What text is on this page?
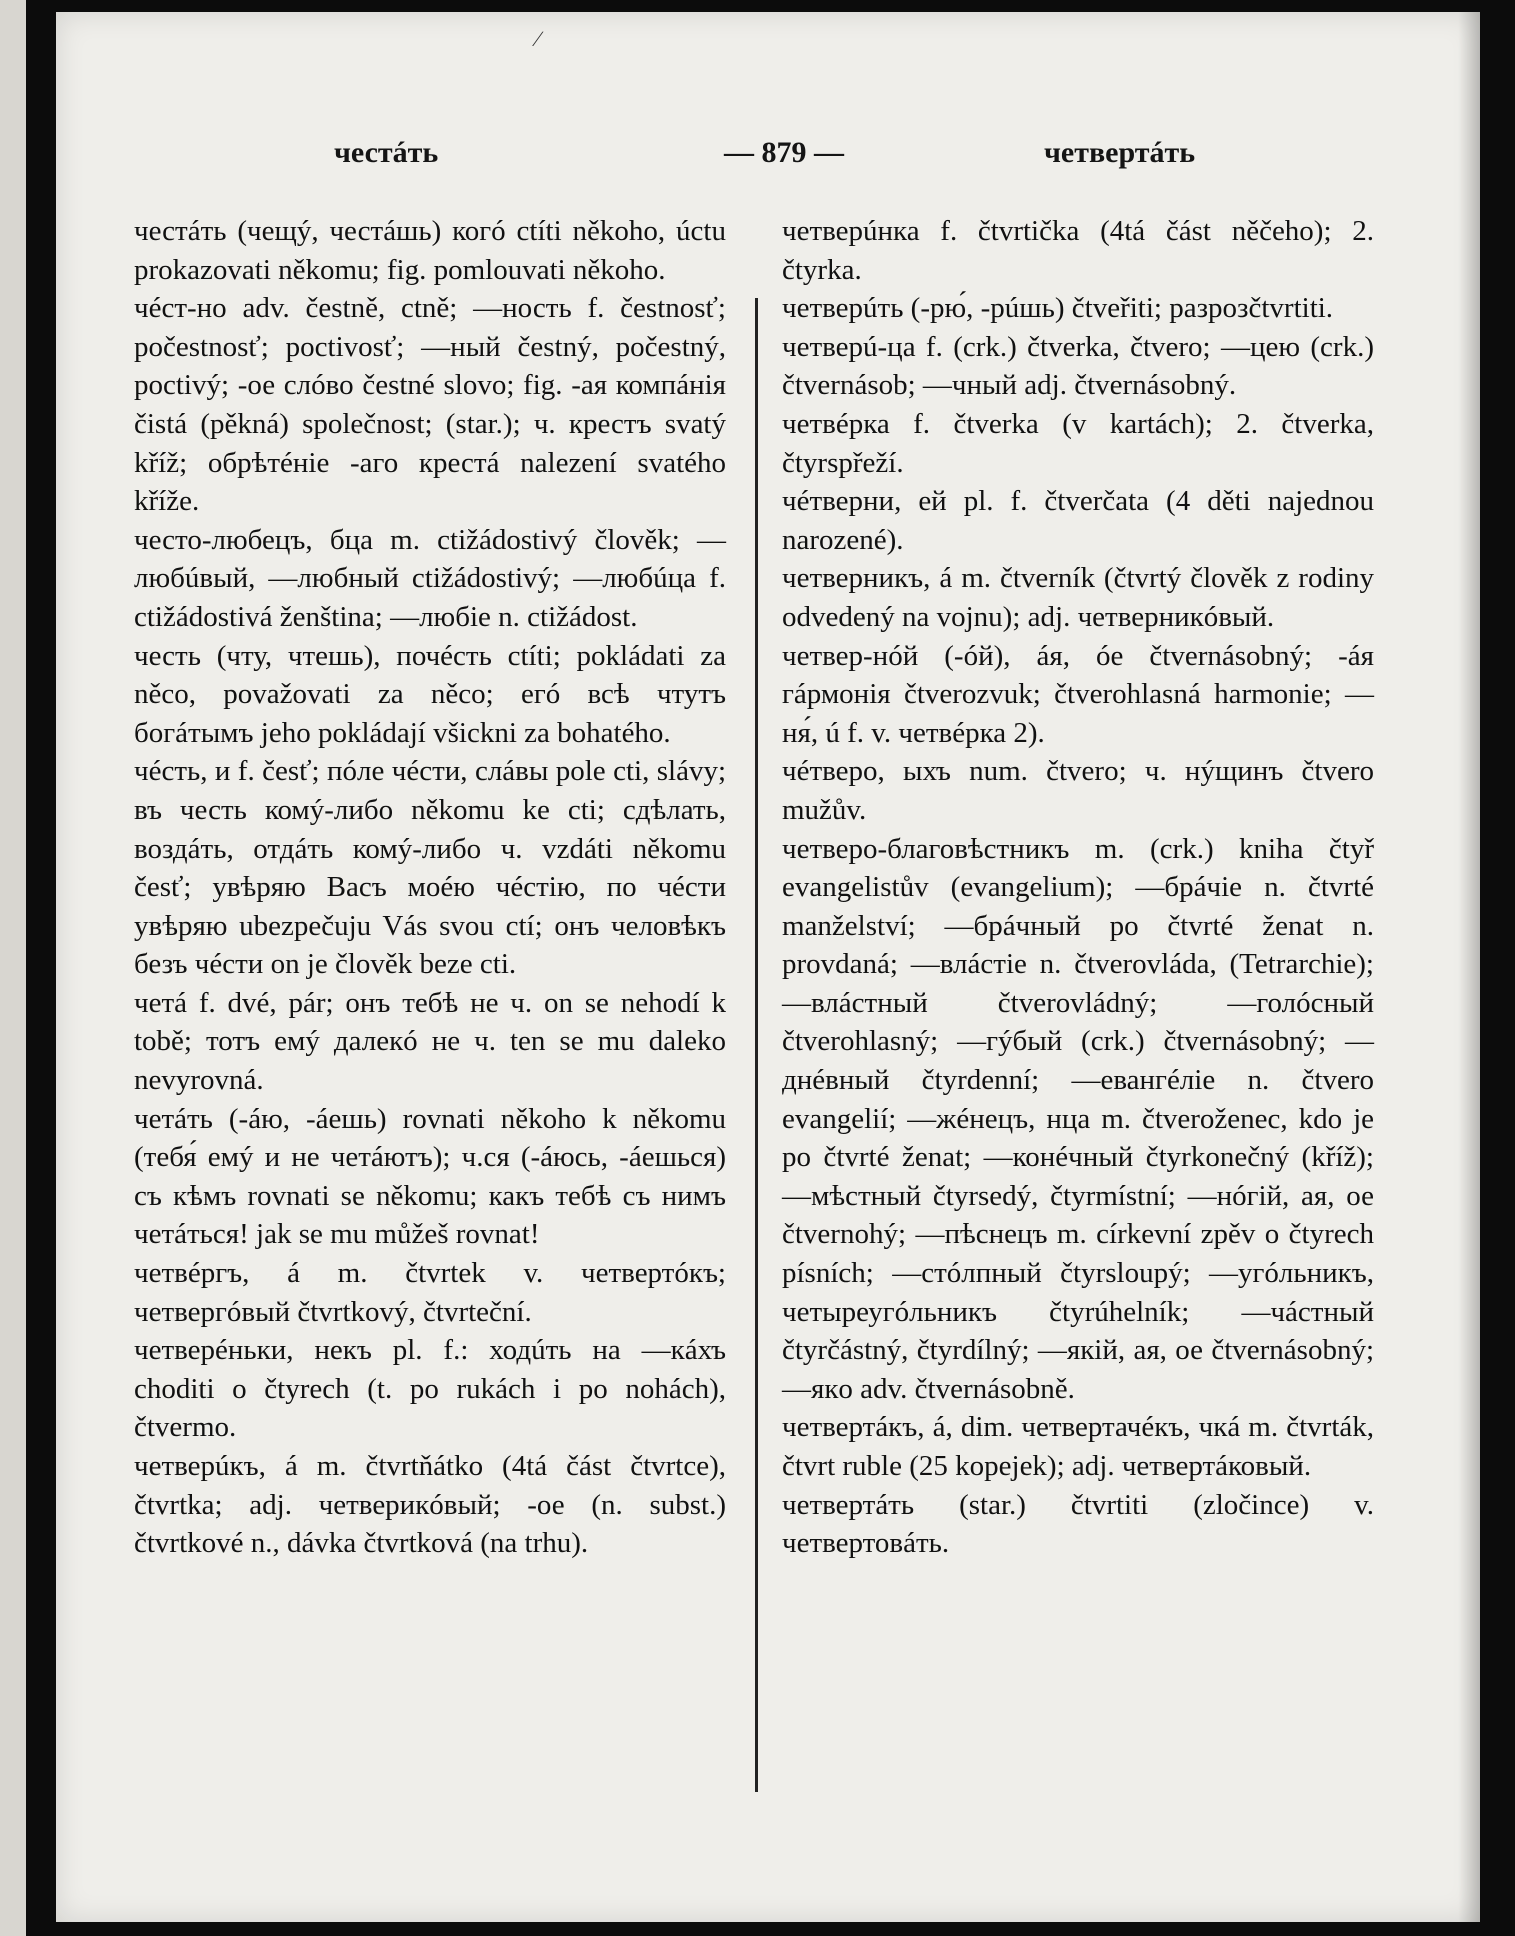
∕
честáть	— 879 —	четвертáть

честáть (чещý, честáшь) когó ctíti někoho, úctu prokazovati někomu; fig. pomlouvati někoho.

чéст-но adv. čestně, ctně; —ность f. čestnosť; počestnosť; poctivosť; —ный čestný, počestný, poctivý; -ое слóво čestné slovo; fig. -ая компáнія čistá (pěkná) společnost; (star.); ч. крестъ svatý kříž; обрѣтéніе -аго крестá nalezení svatého kříže.

често-любецъ, бца m. ctižádostivý člověk; —любúвый, —любный ctižádostivý; —любúца f. ctižádostivá ženština; —любіе n. ctižádost.

честь (чту, чтешь), почéсть ctíti; pokládati za něco, považovati za něco; егó всѣ чтутъ богáтымъ jeho pokládají všickni za bohatého.

чéсть, и f. česť; пóле чéсти, слáвы pole cti, slávy; въ честь комý-либо někomu ke cti; сдѣлать, воздáть, отдáть комý-либо ч. vzdáti někomu česť; увѣряю Васъ моéю чéстію, по чéсти увѣряю ubezpečuju Vás svou ctí; онъ человѣкъ безъ чéсти on je člověk beze cti.

четá f. dvé, pár; онъ тебѣ не ч. on se nehodí k tobě; тотъ емý далекó не ч. ten se mu daleko nevyrovná.

четáть (-áю, -áешь) rovnati někoho k někomu (тебя́ емý и не четáютъ); ч.ся (-áюсь, -áешься) съ кѣмъ rovnati se někomu; какъ тебѣ съ нимъ четáться! jak se mu můžeš rovnat!

четвéргъ, á m. čtvrtek v. четвертóкъ; четвергóвый čtvrtkový, čtvrteční.

четверéньки, некъ pl. f.: ходúть на —кáхъ choditi o čtyrech (t. po rukách i po nohách), čtvermo.

четверúкъ, á m. čtvrtňátko (4tá část čtvrtce), čtvrtka; adj. четверикóвый; -ое (n. subst.) čtvrtkové n., dávka čtvrtková (na trhu).

четверúнка f. čtvrtička (4tá část něčeho); 2. čtyrka.

четверúть (-рю́, -рúшь) čtveřiti; разрозčtvrtiti.

четверú-ца f. (crk.) čtverka, čtvero; —цею (crk.) čtvernásob; —чный adj. čtvernásobný.

четвéрка f. čtverka (v kartách); 2. čtverka, čtyrspřeží.

чéтверни, ей pl. f. čtverčata (4 děti najednou narozené).

четверникъ, á m. čtverník (čtvrtý člověk z rodiny odvedený na vojnu); adj. четверникóвый.

четвер-нóй (-óй), áя, óе čtvernásobný; -áя гáрмонія čtverozvuk; čtverohlasná harmonie; —ня́, ú f. v. четвéрка 2).

чéтверо, ыхъ num. čtvero; ч. нýщинъ čtvero mužův.

четверо-благовѣстникъ m. (crk.) kniha čtyř evangelistův (evangelium); —брáчіе n. čtvrté manželství; —брáчный po čtvrté ženat n. provdaná; —влáстіе n. čtverovláda, (Tetrarchie); —влáстный čtverovládný; —голóсный čtverohlasný; —гýбый (crk.) čtvernásobný; —днéвный čtyrdenní; —евангéліе n. čtvero evangelií; —жéнецъ, нца m. čtveroženec, kdo je po čtvrté ženat; —конéчный čtyrkonečný (kříž); —мѣстный čtyrsedý, čtyrmístní; —нóгій, ая, ое čtvernohý; —пѣснецъ m. církevní zpěv o čtyrech písních; —стóлпный čtyrsloupý; —угóльникъ, четыреугóльникъ čtyrúhelník; —чáстный čtyrčástný, čtyrdílný; —якій, ая, ое čtvernásobný; —якo adv. čtvernásobně.

четвертáкъ, á, dim. четвертачéкъ, чкá m. čtvrták, čtvrt ruble (25 kopejek); adj. четвертáковый.

четвертáть (star.) čtvrtiti (zločince) v. четвертовáть.
